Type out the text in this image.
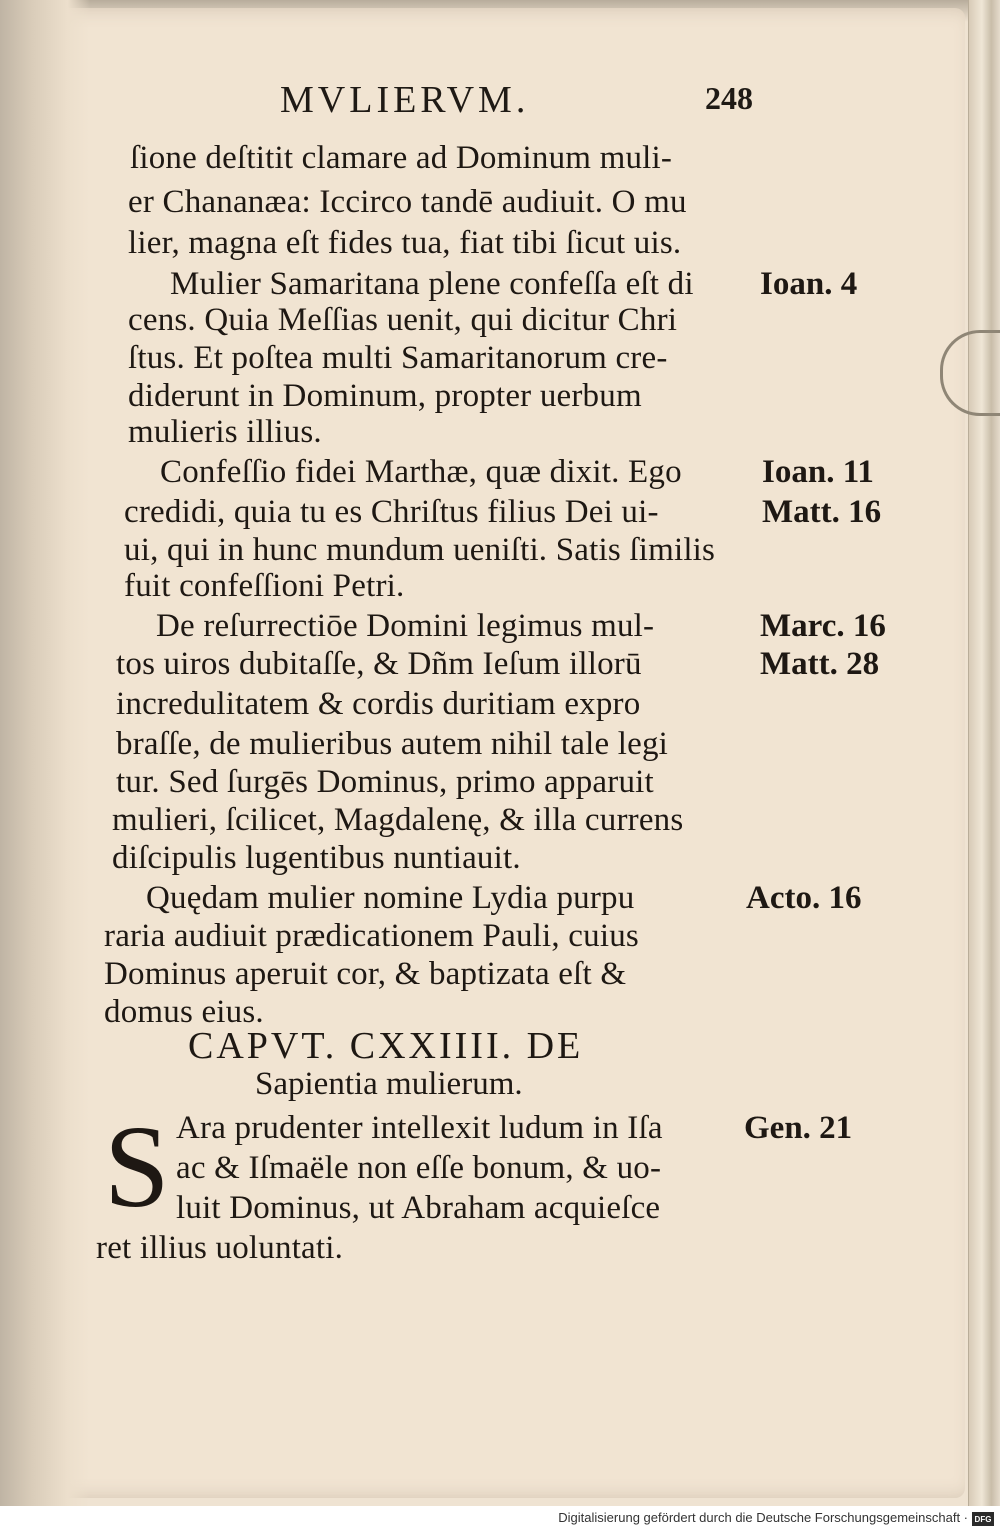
MVLIERVM.	248
ſione deſtitit clamare ad Dominum muli-
er Chananæa: Iccirco tandē audiuit. O mu
lier, magna eſt fides tua, fiat tibi ſicut uis.
Mulier Samaritana plene confeſſa eſt di
cens. Quia Meſſias uenit, qui dicitur Chri
ſtus. Et poſtea multi Samaritanorum cre-
diderunt in Dominum, propter uerbum
mulieris illius.
Confeſſio fidei Marthæ, quæ dixit. Ego
credidi, quia tu es Chriſtus filius Dei ui-
ui, qui in hunc mundum ueniſti. Satis ſimilis
fuit confeſſioni Petri.
De reſurrectiōe Domini legimus mul-
tos uiros dubitaſſe, & Dñm Ieſum illorū
incredulitatem & cordis duritiam expro
braſſe, de mulieribus autem nihil tale legi
tur. Sed ſurgēs Dominus, primo apparuit
mulieri, ſcilicet, Magdalenę, & illa currens
diſcipulis lugentibus nuntiauit.
Quędam mulier nomine Lydia purpu
raria audiuit prædicationem Pauli, cuius
Dominus aperuit cor, & baptizata eſt &
domus eius.
Ioan. 4
Ioan. 11
Matt. 16
Marc. 16
Matt. 28
Acto. 16
Gen. 21
CAPVT. CXXIIII. DE
Sapientia mulierum.
S Ara prudenter intellexit ludum in Iſa
ac & Iſmaële non eſſe bonum, & uo-
luit Dominus, ut Abraham acquieſce
ret illius uoluntati.
Digitalisierung gefördert durch die Deutsche Forschungsgemeinschaft · DFG
